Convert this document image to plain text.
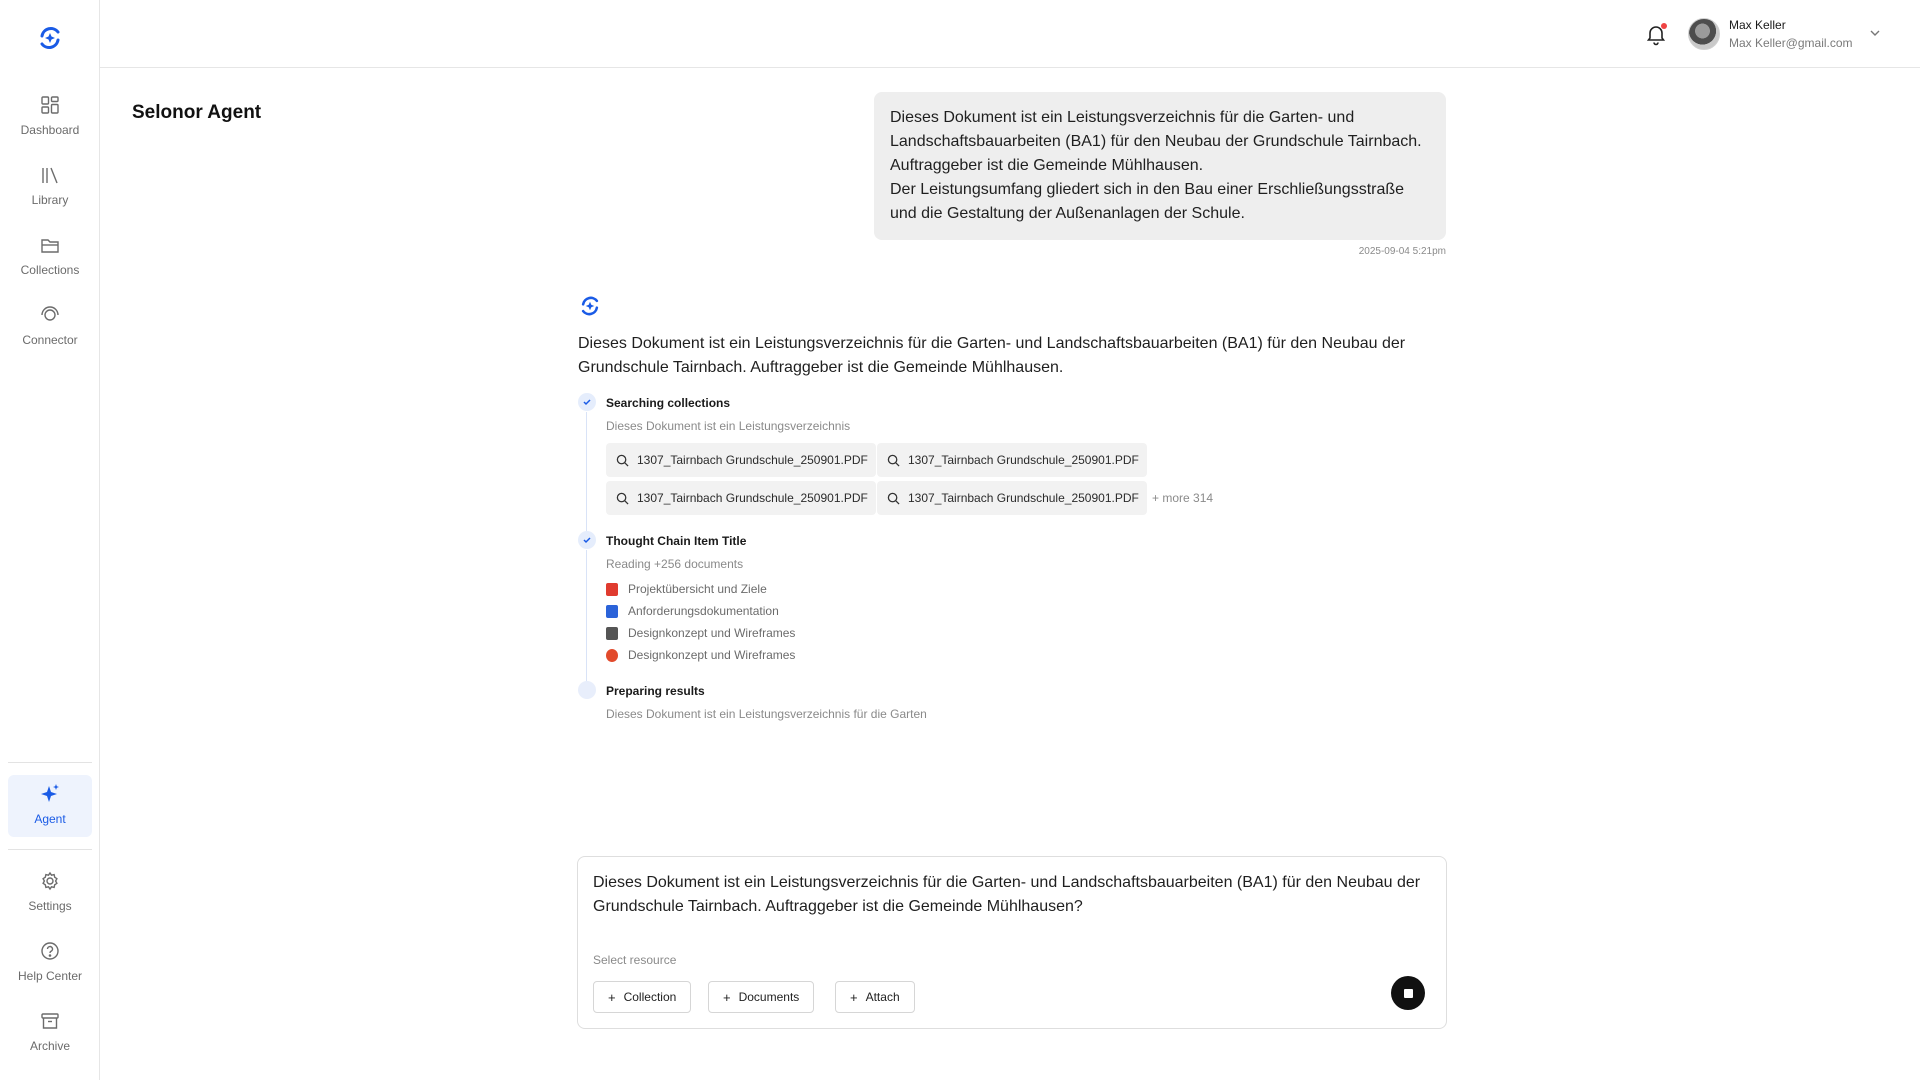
Dashboard
Library
Collections
Connector
Agent
Settings
Help Center
Archive
Max Keller
Max Keller@gmail.com
Selonor Agent	Dieses Dokument ist ein Leistungsverzeichnis für die Garten- und
Landschaftsbauarbeiten (BA1) für den Neubau der Grundschule Tairnbach.
Auftraggeber ist die Gemeinde Mühlhausen.
Der Leistungsumfang gliedert sich in den Bau einer Erschließungsstraße
und die Gestaltung der Außenanlagen der Schule.
2025-09-04 5:21pm
Dieses Dokument ist ein Leistungsverzeichnis für die Garten- und Landschaftsbauarbeiten (BA1) für den Neubau der Grundschule Tairnbach. Auftraggeber ist die Gemeinde Mühlhausen.
Searching collections
Dieses Dokument ist ein Leistungsverzeichnis
1307_Tairnbach Grundschule_250901.PDF	1307_Tairnbach Grundschule_250901.PDF
1307_Tairnbach Grundschule_250901.PDF	1307_Tairnbach Grundschule_250901.PDF + more 314
Thought Chain Item Title
Reading +256 documents
Projektübersicht und Ziele
Anforderungsdokumentation
Designkonzept und Wireframes
Designkonzept und Wireframes
Preparing results
Dieses Dokument ist ein Leistungsverzeichnis für die Garten
Dieses Dokument ist ein Leistungsverzeichnis für die Garten- und Landschaftsbauarbeiten (BA1) für den Neubau der Grundschule Tairnbach. Auftraggeber ist die Gemeinde Mühlhausen?
Select resource
+ Collection	+ Documents	+ Attach
